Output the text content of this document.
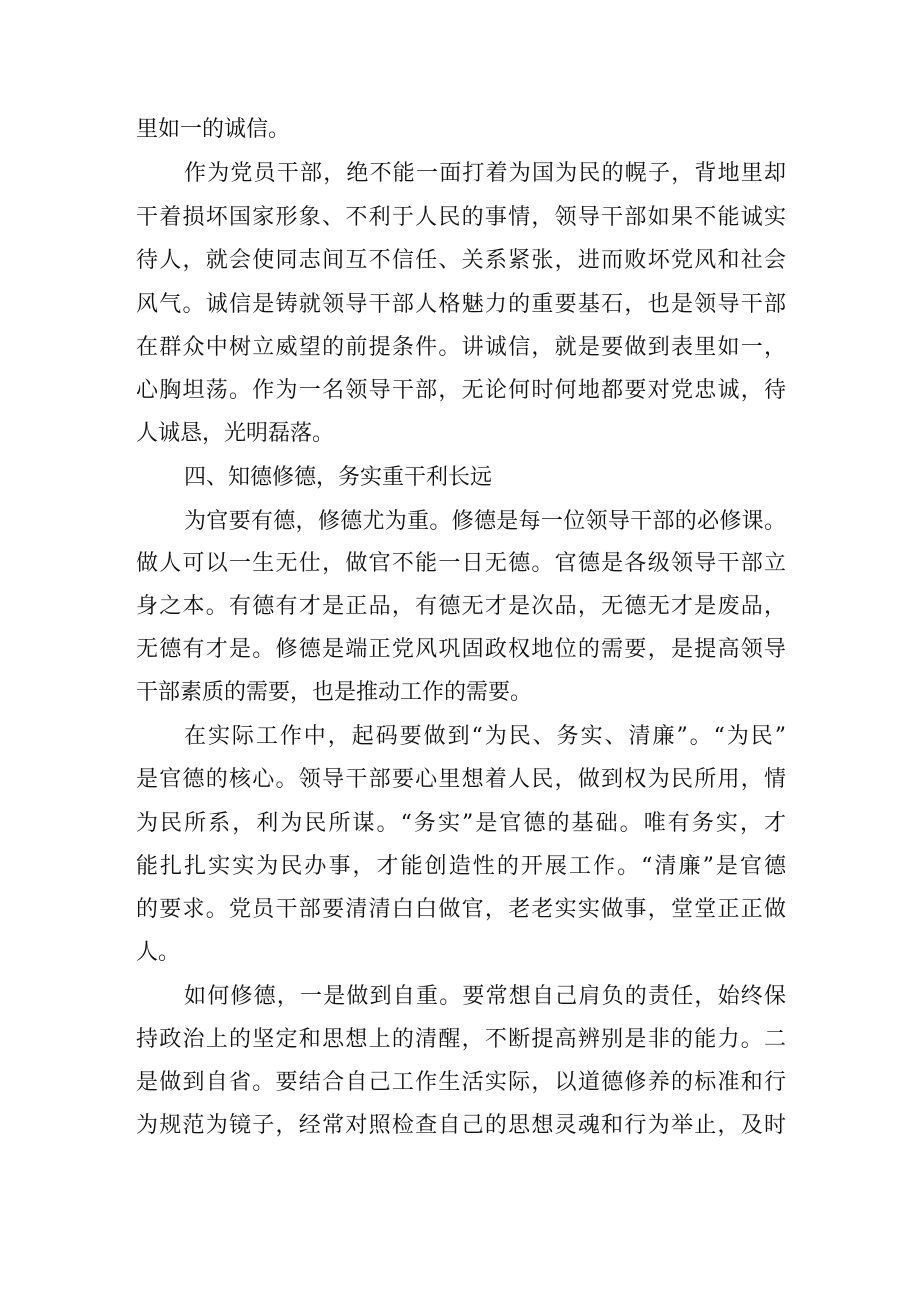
里如一的诚信。
作为党员干部，绝不能一面打着为国为民的幌子，背地里却
干着损坏国家形象、不利于人民的事情，领导干部如果不能诚实
待人，就会使同志间互不信任、关系紧张，进而败坏党风和社会
风气。诚信是铸就领导干部人格魅力的重要基石，也是领导干部
在群众中树立威望的前提条件。讲诚信，就是要做到表里如一，
心胸坦荡。作为一名领导干部，无论何时何地都要对党忠诚，待
人诚恳，光明磊落。
四、知德修德，务实重干利长远
为官要有德，修德尤为重。修德是每一位领导干部的必修课。
做人可以一生无仕，做官不能一日无德。官德是各级领导干部立
身之本。有德有才是正品，有德无才是次品，无德无才是废品，
无德有才是。修德是端正党风巩固政权地位的需要，是提高领导
干部素质的需要，也是推动工作的需要。
在实际工作中，起码要做到“为民、务实、清廉”。“为民”
是官德的核心。领导干部要心里想着人民，做到权为民所用，情
为民所系，利为民所谋。“务实”是官德的基础。唯有务实，才
能扎扎实实为民办事，才能创造性的开展工作。“清廉”是官德
的要求。党员干部要清清白白做官，老老实实做事，堂堂正正做
人。
如何修德，一是做到自重。要常想自己肩负的责任，始终保
持政治上的坚定和思想上的清醒，不断提高辨别是非的能力。二
是做到自省。要结合自己工作生活实际，以道德修养的标准和行
为规范为镜子，经常对照检查自己的思想灵魂和行为举止，及时
